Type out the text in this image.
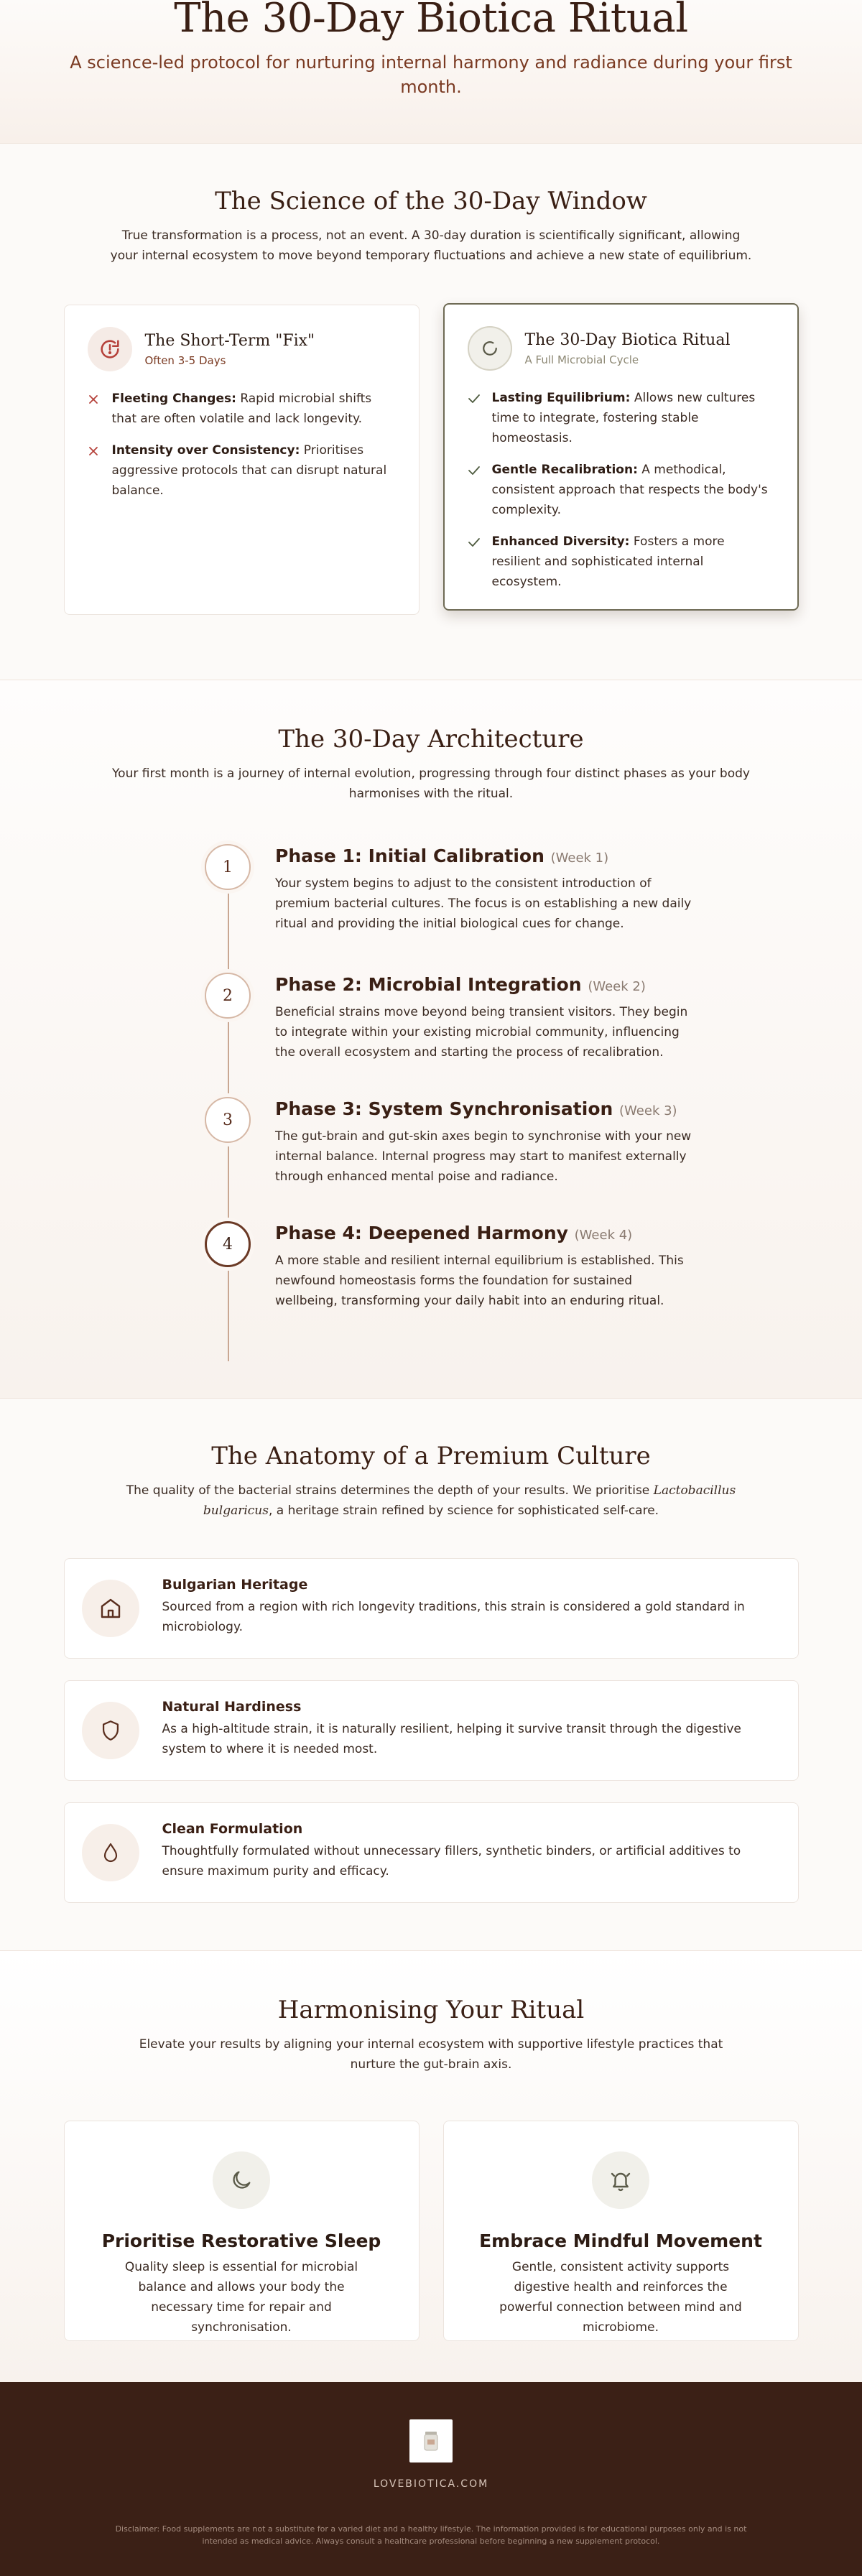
The 30-Day Biotica Ritual

A science-led protocol for nurturing internal harmony and radiance during your first month.

The Science of the 30-Day Window

True transformation is a process, not an event. A 30-day duration is scientifically significant, allowing your internal ecosystem to move beyond temporary fluctuations and achieve a new state of equilibrium.

The Short-Term "Fix"
Often 3-5 Days
Fleeting Changes: Rapid microbial shifts that are often volatile and lack longevity.
Intensity over Consistency: Prioritises aggressive protocols that can disrupt natural balance.
The 30-Day Biotica Ritual
A Full Microbial Cycle
Lasting Equilibrium: Allows new cultures time to integrate, fostering stable homeostasis.
Gentle Recalibration: A methodical, consistent approach that respects the body's complexity.
Enhanced Diversity: Fosters a more resilient and sophisticated internal ecosystem.
The 30-Day Architecture

Your first month is a journey of internal evolution, progressing through four distinct phases as your body harmonises with the ritual.

1
Phase 1: Initial Calibration (Week 1)
Your system begins to adjust to the consistent introduction of premium bacterial cultures. The focus is on establishing a new daily ritual and providing the initial biological cues for change.
2
Phase 2: Microbial Integration (Week 2)
Beneficial strains move beyond being transient visitors. They begin to integrate within your existing microbial community, influencing the overall ecosystem and starting the process of recalibration.
3
Phase 3: System Synchronisation (Week 3)
The gut-brain and gut-skin axes begin to synchronise with your new internal balance. Internal progress may start to manifest externally through enhanced mental poise and radiance.
4
Phase 4: Deepened Harmony (Week 4)
A more stable and resilient internal equilibrium is established. This newfound homeostasis forms the foundation for sustained wellbeing, transforming your daily habit into an enduring ritual.
The Anatomy of a Premium Culture

The quality of the bacterial strains determines the depth of your results. We prioritise Lactobacillus bulgaricus, a heritage strain refined by science for sophisticated self-care.

Bulgarian Heritage
Sourced from a region with rich longevity traditions, this strain is considered a gold standard in microbiology.
Natural Hardiness
As a high-altitude strain, it is naturally resilient, helping it survive transit through the digestive system to where it is needed most.
Clean Formulation
Thoughtfully formulated without unnecessary fillers, synthetic binders, or artificial additives to ensure maximum purity and efficacy.
Harmonising Your Ritual

Elevate your results by aligning your internal ecosystem with supportive lifestyle practices that nurture the gut-brain axis.

Prioritise Restorative Sleep
Quality sleep is essential for microbial balance and allows your body the necessary time for repair and synchronisation.
Embrace Mindful Movement
Gentle, consistent activity supports digestive health and reinforces the powerful connection between mind and microbiome.
LOVEBIOTICA.COM
Disclaimer: Food supplements are not a substitute for a varied diet and a healthy lifestyle. The information provided is for educational purposes only and is not intended as medical advice. Always consult a healthcare professional before beginning a new supplement protocol.
